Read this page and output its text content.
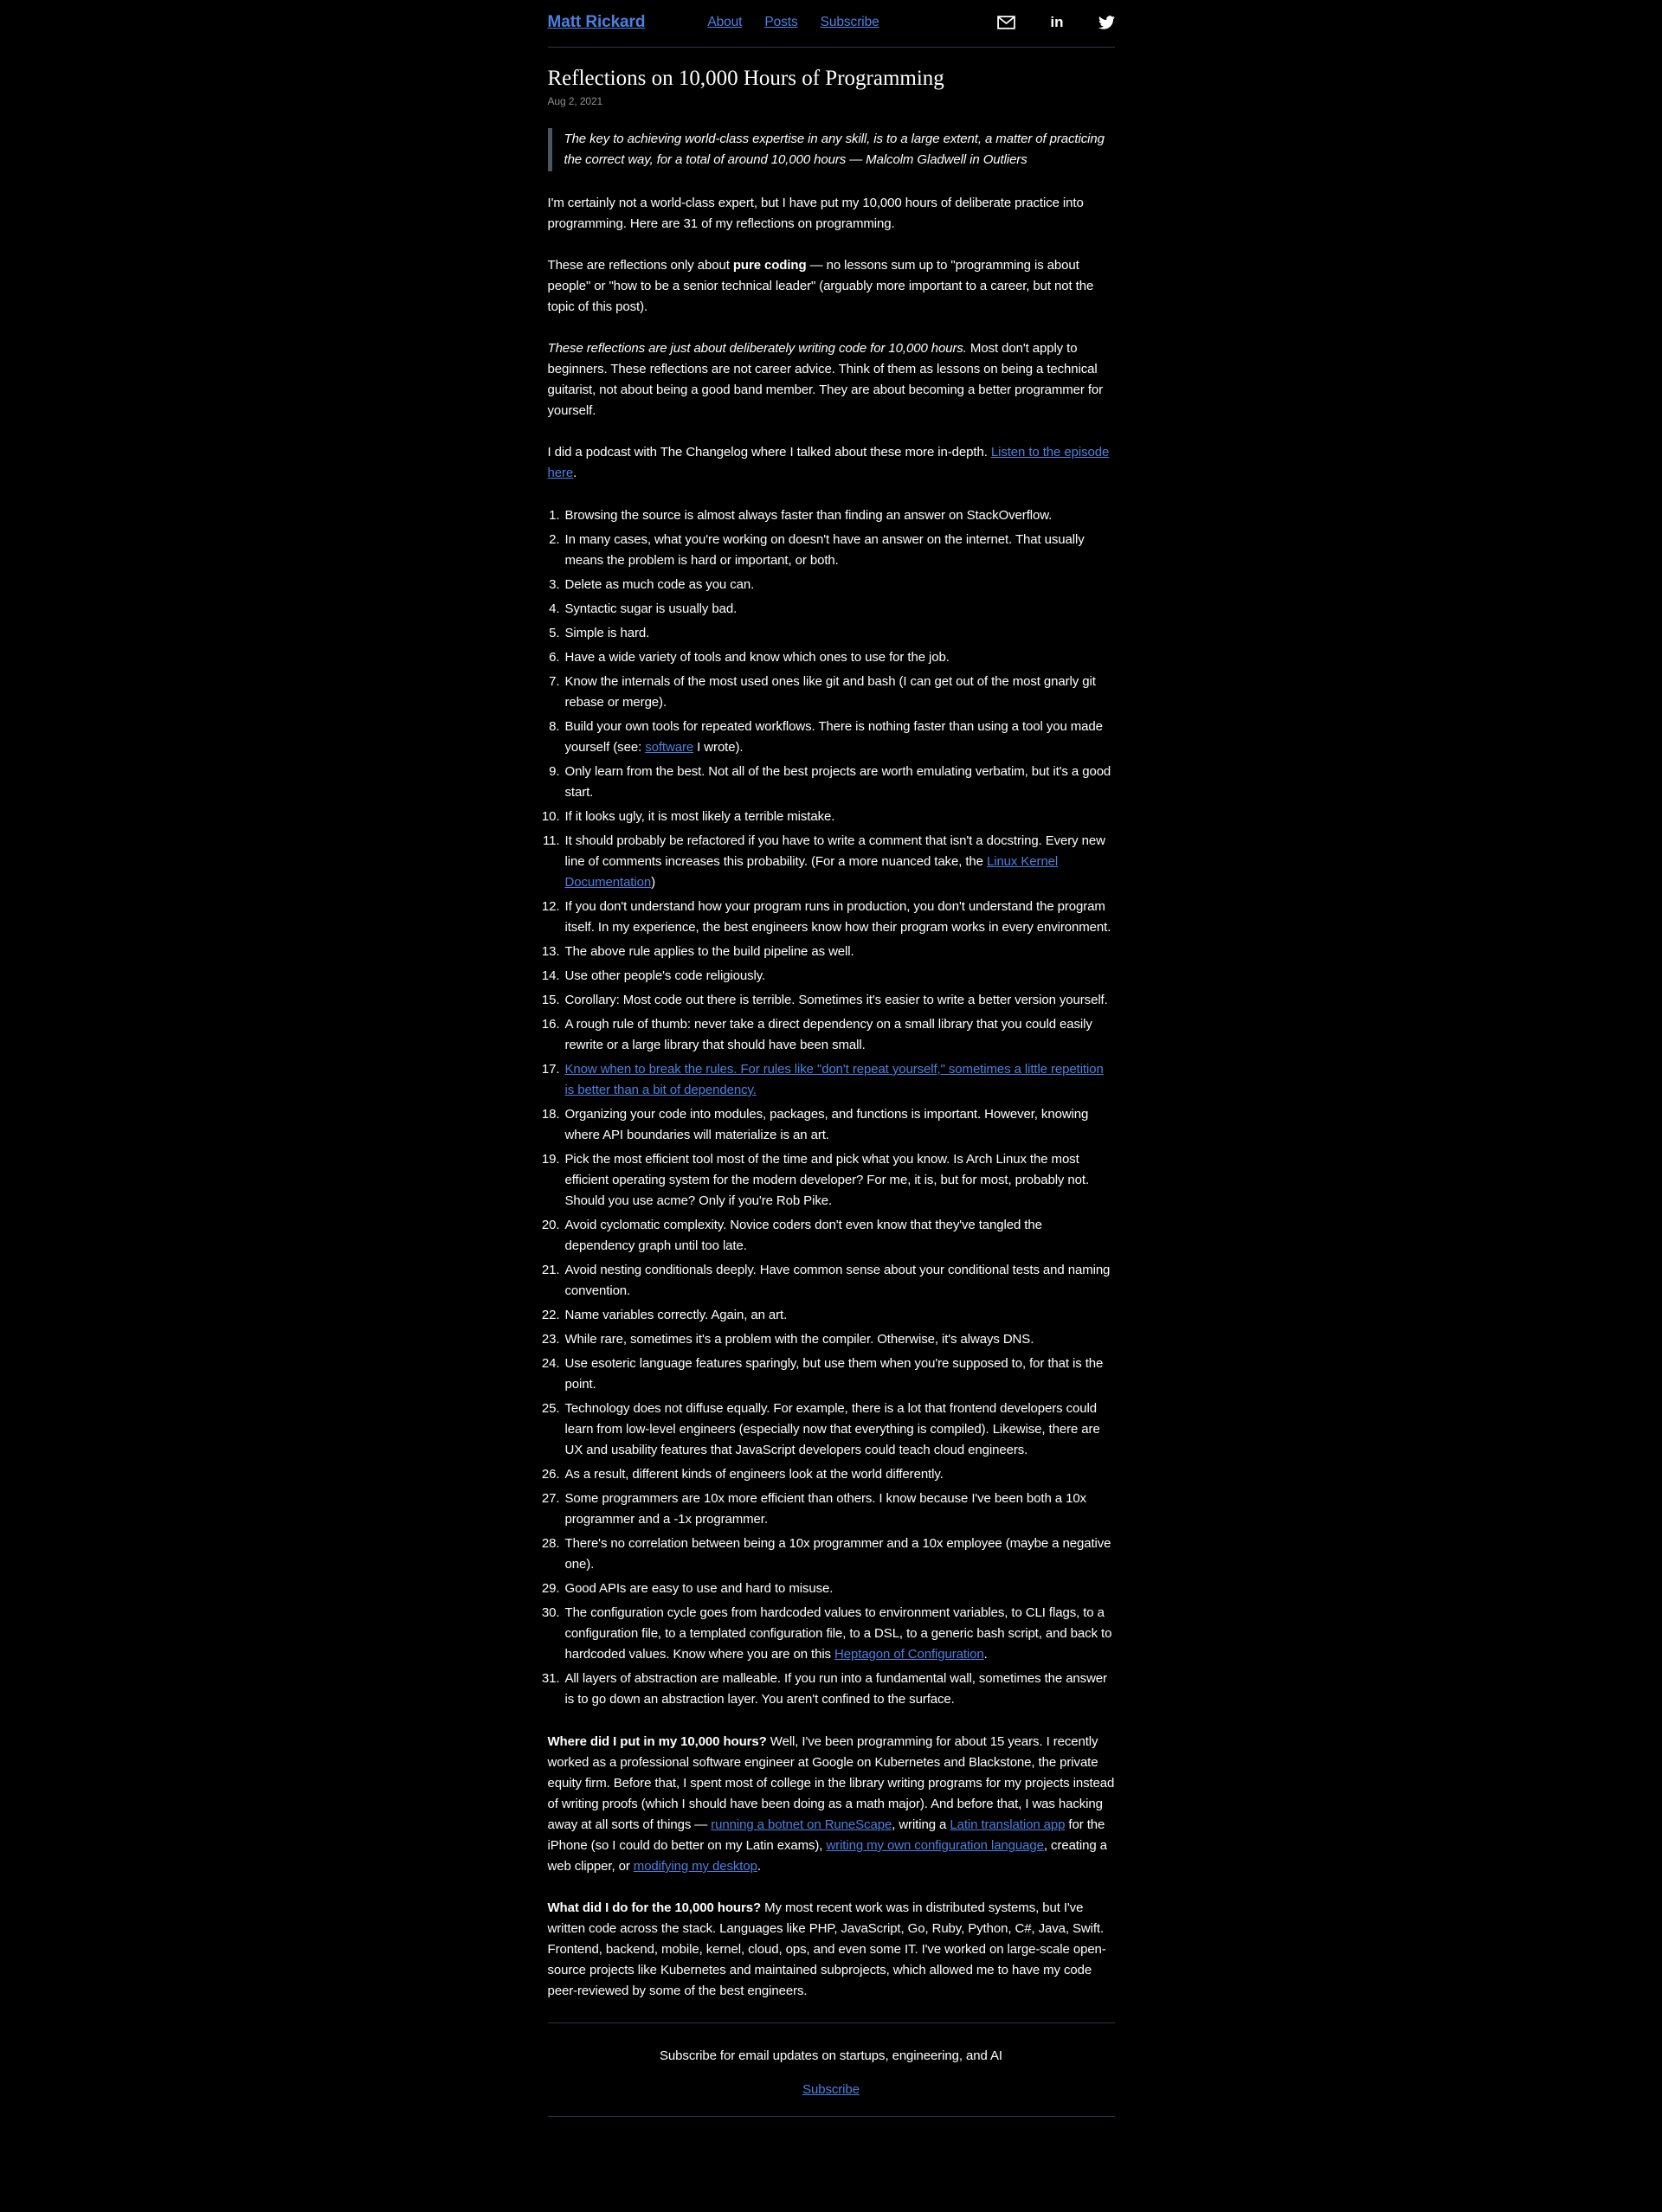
Matt Rickard	About Posts Subscribe	in
Reflections on 10,000 Hours of Programming
Aug 2, 2021
The key to achieving world-class expertise in any skill, is to a large extent, a matter of practicing the correct way, for a total of around 10,000 hours — Malcolm Gladwell in Outliers

I'm certainly not a world-class expert, but I have put my 10,000 hours of deliberate practice into programming. Here are 31 of my reflections on programming.

These are reflections only about pure coding — no lessons sum up to "programming is about people" or "how to be a senior technical leader" (arguably more important to a career, but not the topic of this post).

These reflections are just about deliberately writing code for 10,000 hours. Most don't apply to beginners. These reflections are not career advice. Think of them as lessons on being a technical guitarist, not about being a good band member. They are about becoming a better programmer for yourself.

I did a podcast with The Changelog where I talked about these more in-depth. Listen to the episode here.

1. Browsing the source is almost always faster than finding an answer on StackOverflow.
2. In many cases, what you're working on doesn't have an answer on the internet. That usually means the problem is hard or important, or both.
3. Delete as much code as you can.
4. Syntactic sugar is usually bad.
5. Simple is hard.
6. Have a wide variety of tools and know which ones to use for the job.
7. Know the internals of the most used ones like git and bash (I can get out of the most gnarly git rebase or merge).
8. Build your own tools for repeated workflows. There is nothing faster than using a tool you made yourself (see: software I wrote).
9. Only learn from the best. Not all of the best projects are worth emulating verbatim, but it's a good start.
10. If it looks ugly, it is most likely a terrible mistake.
11. It should probably be refactored if you have to write a comment that isn't a docstring. Every new line of comments increases this probability. (For a more nuanced take, the Linux Kernel Documentation)
12. If you don't understand how your program runs in production, you don't understand the program itself. In my experience, the best engineers know how their program works in every environment.
13. The above rule applies to the build pipeline as well.
14. Use other people's code religiously.
15. Corollary: Most code out there is terrible. Sometimes it's easier to write a better version yourself.
16. A rough rule of thumb: never take a direct dependency on a small library that you could easily rewrite or a large library that should have been small.
17. Know when to break the rules. For rules like "don't repeat yourself," sometimes a little repetition is better than a bit of dependency.
18. Organizing your code into modules, packages, and functions is important. However, knowing where API boundaries will materialize is an art.
19. Pick the most efficient tool most of the time and pick what you know. Is Arch Linux the most efficient operating system for the modern developer? For me, it is, but for most, probably not. Should you use acme? Only if you're Rob Pike.
20. Avoid cyclomatic complexity. Novice coders don't even know that they've tangled the dependency graph until too late.
21. Avoid nesting conditionals deeply. Have common sense about your conditional tests and naming convention.
22. Name variables correctly. Again, an art.
23. While rare, sometimes it's a problem with the compiler. Otherwise, it's always DNS.
24. Use esoteric language features sparingly, but use them when you're supposed to, for that is the point.
25. Technology does not diffuse equally. For example, there is a lot that frontend developers could learn from low-level engineers (especially now that everything is compiled). Likewise, there are UX and usability features that JavaScript developers could teach cloud engineers.
26. As a result, different kinds of engineers look at the world differently.
27. Some programmers are 10x more efficient than others. I know because I've been both a 10x programmer and a -1x programmer.
28. There's no correlation between being a 10x programmer and a 10x employee (maybe a negative one).
29. Good APIs are easy to use and hard to misuse.
30. The configuration cycle goes from hardcoded values to environment variables, to CLI flags, to a configuration file, to a templated configuration file, to a DSL, to a generic bash script, and back to hardcoded values. Know where you are on this Heptagon of Configuration.
31. All layers of abstraction are malleable. If you run into a fundamental wall, sometimes the answer is to go down an abstraction layer. You aren't confined to the surface.

Where did I put in my 10,000 hours? Well, I've been programming for about 15 years. I recently worked as a professional software engineer at Google on Kubernetes and Blackstone, the private equity firm. Before that, I spent most of college in the library writing programs for my projects instead of writing proofs (which I should have been doing as a math major). And before that, I was hacking away at all sorts of things — running a botnet on RuneScape, writing a Latin translation app for the iPhone (so I could do better on my Latin exams), writing my own configuration language, creating a web clipper, or modifying my desktop.

What did I do for the 10,000 hours? My most recent work was in distributed systems, but I've written code across the stack. Languages like PHP, JavaScript, Go, Ruby, Python, C#, Java, Swift. Frontend, backend, mobile, kernel, cloud, ops, and even some IT. I've worked on large-scale open-source projects like Kubernetes and maintained subprojects, which allowed me to have my code peer-reviewed by some of the best engineers.

Subscribe for email updates on startups, engineering, and AI
Subscribe
